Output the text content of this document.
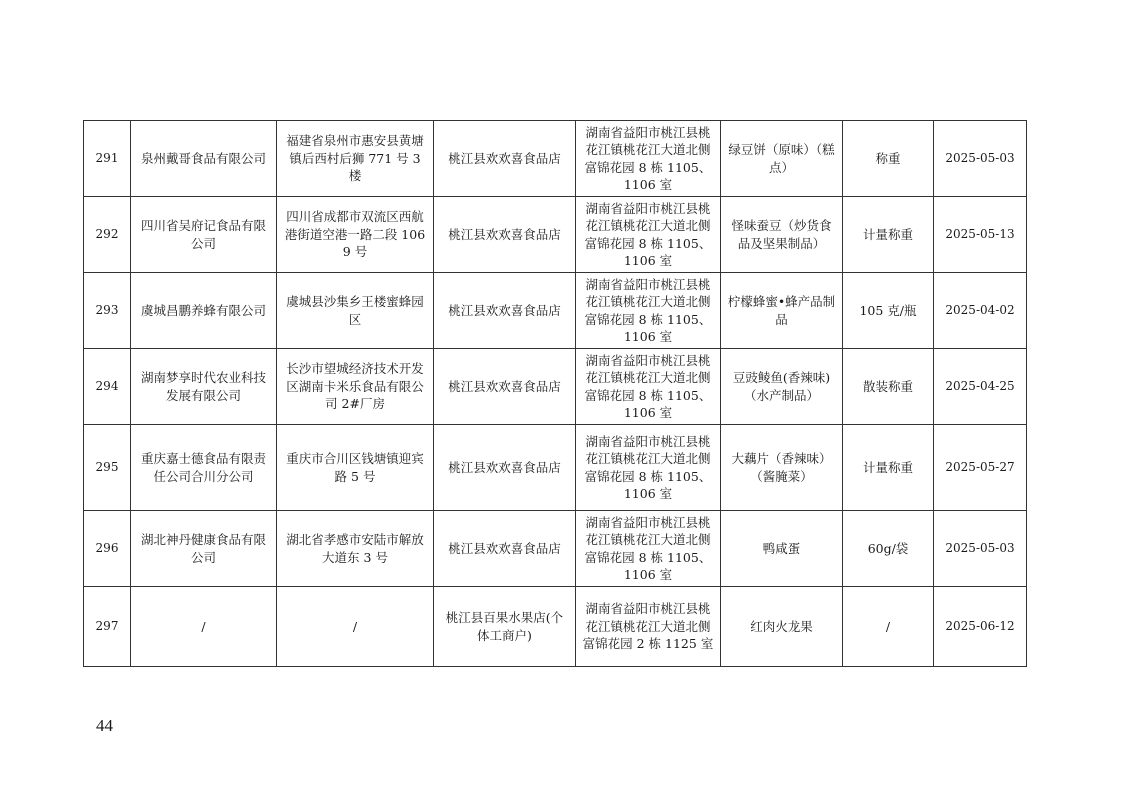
291	泉州戴哥食品有限公司	福建省泉州市惠安县黄塘镇后西村后狮 771 号 3 楼	桃江县欢欢喜食品店	湖南省益阳市桃江县桃花江镇桃花江大道北侧富锦花园 8 栋 1105、1106 室	绿豆饼（原味）（糕点）	称重	2025-05-03
292	四川省吴府记食品有限公司	四川省成都市双流区西航港街道空港一路二段 1069 号	桃江县欢欢喜食品店	湖南省益阳市桃江县桃花江镇桃花江大道北侧富锦花园 8 栋 1105、1106 室	怪味蚕豆（炒货食品及坚果制品）	计量称重	2025-05-13
293	虞城昌鹏养蜂有限公司	虞城县沙集乡王楼蜜蜂园区	桃江县欢欢喜食品店	湖南省益阳市桃江县桃花江镇桃花江大道北侧富锦花园 8 栋 1105、1106 室	柠檬蜂蜜•蜂产品制品	105 克/瓶	2025-04-02
294	湖南梦享时代农业科技发展有限公司	长沙市望城经济技术开发区湖南卡米乐食品有限公司 2#厂房	桃江县欢欢喜食品店	湖南省益阳市桃江县桃花江镇桃花江大道北侧富锦花园 8 栋 1105、1106 室	豆豉鲮鱼(香辣味)（水产制品）	散装称重	2025-04-25
295	重庆嘉士德食品有限责任公司合川分公司	重庆市合川区钱塘镇迎宾路 5 号	桃江县欢欢喜食品店	湖南省益阳市桃江县桃花江镇桃花江大道北侧富锦花园 8 栋 1105、1106 室	大藕片（香辣味）（酱腌菜）	计量称重	2025-05-27
296	湖北神丹健康食品有限公司	湖北省孝感市安陆市解放大道东 3 号	桃江县欢欢喜食品店	湖南省益阳市桃江县桃花江镇桃花江大道北侧富锦花园 8 栋 1105、1106 室	鸭咸蛋	60g/袋	2025-05-03
297	/	/	桃江县百果水果店(个体工商户)	湖南省益阳市桃江县桃花江镇桃花江大道北侧富锦花园 2 栋 1125 室	红肉火龙果	/	2025-06-12
44
